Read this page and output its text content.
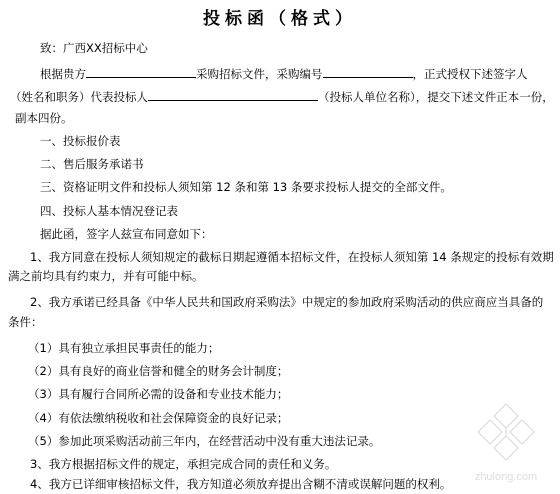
投标函（格式）
致：广西XX招标中心
根据贵方	采购招标文件，采购编号	，正式授权下述签字人
（姓名和职务）代表投标人	（投标人单位名称），提交下述文件正本一份，
副本四份。
一、投标报价表
二、售后服务承诺书
三、资格证明文件和投标人须知第 12 条和第 13 条要求投标人提交的全部文件。
四、投标人基本情况登记表
据此函，签字人兹宣布同意如下：
1、我方同意在投标人须知规定的截标日期起遵循本招标文件，在投标人须知第 14 条规定的投标有效期
满之前均具有约束力，并有可能中标。
2、我方承诺已经具备《中华人民共和国政府采购法》中规定的参加政府采购活动的供应商应当具备的
条件：
（1）具有独立承担民事责任的能力；
（2）具有良好的商业信誉和健全的财务会计制度；
（3）具有履行合同所必需的设备和专业技术能力；
（4）有依法缴纳税收和社会保障资金的良好记录；
（5）参加此项采购活动前三年内，在经营活动中没有重大违法记录。
3、我方根据招标文件的规定，承担完成合同的责任和义务。
4、我方已详细审核招标文件，我方知道必须放弃提出含糊不清或误解问题的权利。 zhulong.com
